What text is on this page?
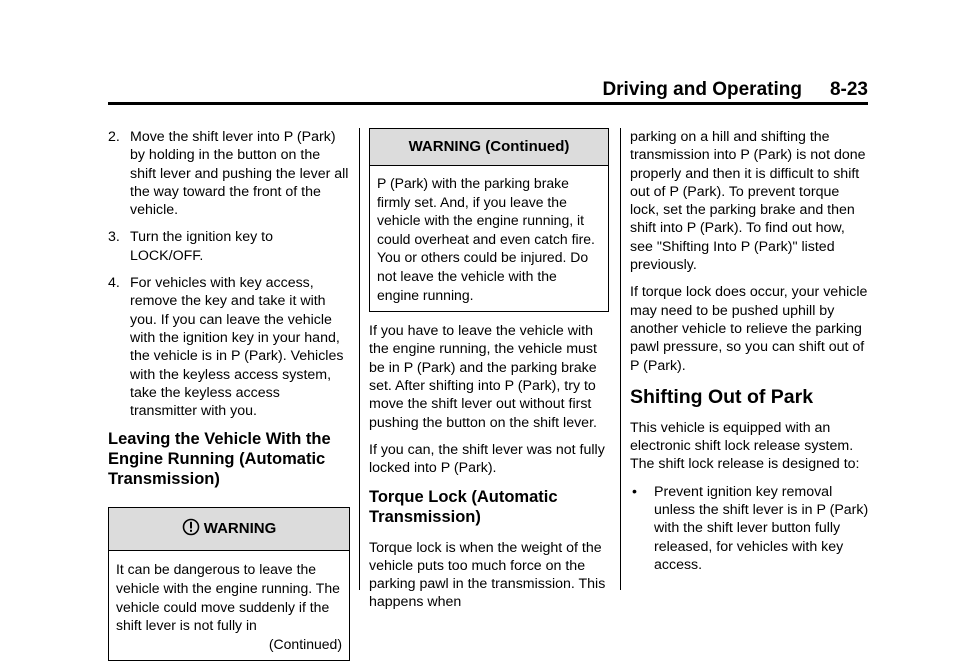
Driving and Operating 8-23
2. Move the shift lever into P (Park) by holding in the button on the shift lever and pushing the lever all the way toward the front of the vehicle.
3. Turn the ignition key to LOCK/OFF.
4. For vehicles with key access, remove the key and take it with you. If you can leave the vehicle with the ignition key in your hand, the vehicle is in P (Park). Vehicles with the keyless access system, take the keyless access transmitter with you.
Leaving the Vehicle With the Engine Running (Automatic Transmission)
WARNING
It can be dangerous to leave the vehicle with the engine running. The vehicle could move suddenly if the shift lever is not fully in
(Continued)
WARNING (Continued)
P (Park) with the parking brake firmly set. And, if you leave the vehicle with the engine running, it could overheat and even catch fire. You or others could be injured. Do not leave the vehicle with the engine running.

If you have to leave the vehicle with the engine running, the vehicle must be in P (Park) and the parking brake set. After shifting into P (Park), try to move the shift lever out without first pushing the button on the shift lever.

If you can, the shift lever was not fully locked into P (Park).

Torque Lock (Automatic Transmission)

Torque lock is when the weight of the vehicle puts too much force on the parking pawl in the transmission. This happens when

parking on a hill and shifting the transmission into P (Park) is not done properly and then it is difficult to shift out of P (Park). To prevent torque lock, set the parking brake and then shift into P (Park). To find out how, see "Shifting Into P (Park)" listed previously.

If torque lock does occur, your vehicle may need to be pushed uphill by another vehicle to relieve the parking pawl pressure, so you can shift out of P (Park).

Shifting Out of Park

This vehicle is equipped with an electronic shift lock release system. The shift lock release is designed to:

• Prevent ignition key removal unless the shift lever is in P (Park) with the shift lever button fully released, for vehicles with key access.
